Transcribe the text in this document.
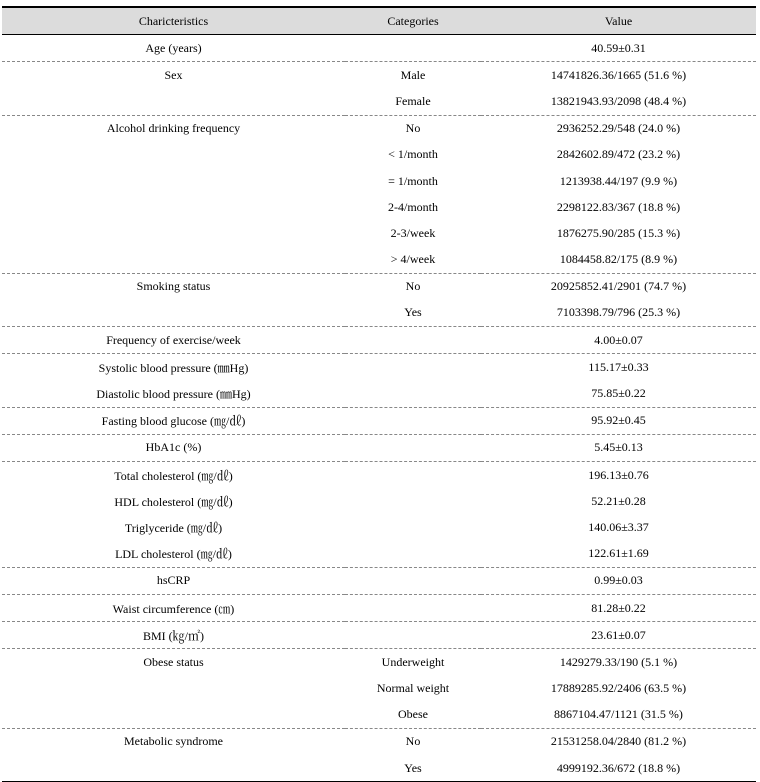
Charicteristics	Categories	Value
Age (years)		40.59±0.31
Sex	Male	14741826.36/1665 (51.6 %)
	Female	13821943.93/2098 (48.4 %)
Alcohol drinking frequency	No	2936252.29/548 (24.0 %)
	< 1/month	2842602.89/472 (23.2 %)
	= 1/month	1213938.44/197 (9.9 %)
	2-4/month	2298122.83/367 (18.8 %)
	2-3/week	1876275.90/285 (15.3 %)
	> 4/week	1084458.82/175 (8.9 %)
Smoking status	No	20925852.41/2901 (74.7 %)
	Yes	7103398.79/796 (25.3 %)
Frequency of exercise/week		4.00±0.07
Systolic blood pressure (㎜Hg)		115.17±0.33
Diastolic blood pressure (㎜Hg)		75.85±0.22
Fasting blood glucose (㎎/㎗)		95.92±0.45
HbA1c (%)		5.45±0.13
Total cholesterol (㎎/㎗)		196.13±0.76
HDL cholesterol (㎎/㎗)		52.21±0.28
Triglyceride (㎎/㎗)		140.06±3.37
LDL cholesterol (㎎/㎗)		122.61±1.69
hsCRP		0.99±0.03
Waist circumference (㎝)		81.28±0.22
BMI (㎏/㎡)		23.61±0.07
Obese status	Underweight	1429279.33/190 (5.1 %)
	Normal weight	17889285.92/2406 (63.5 %)
	Obese	8867104.47/1121 (31.5 %)
Metabolic syndrome	No	21531258.04/2840 (81.2 %)
	Yes	4999192.36/672 (18.8 %)
